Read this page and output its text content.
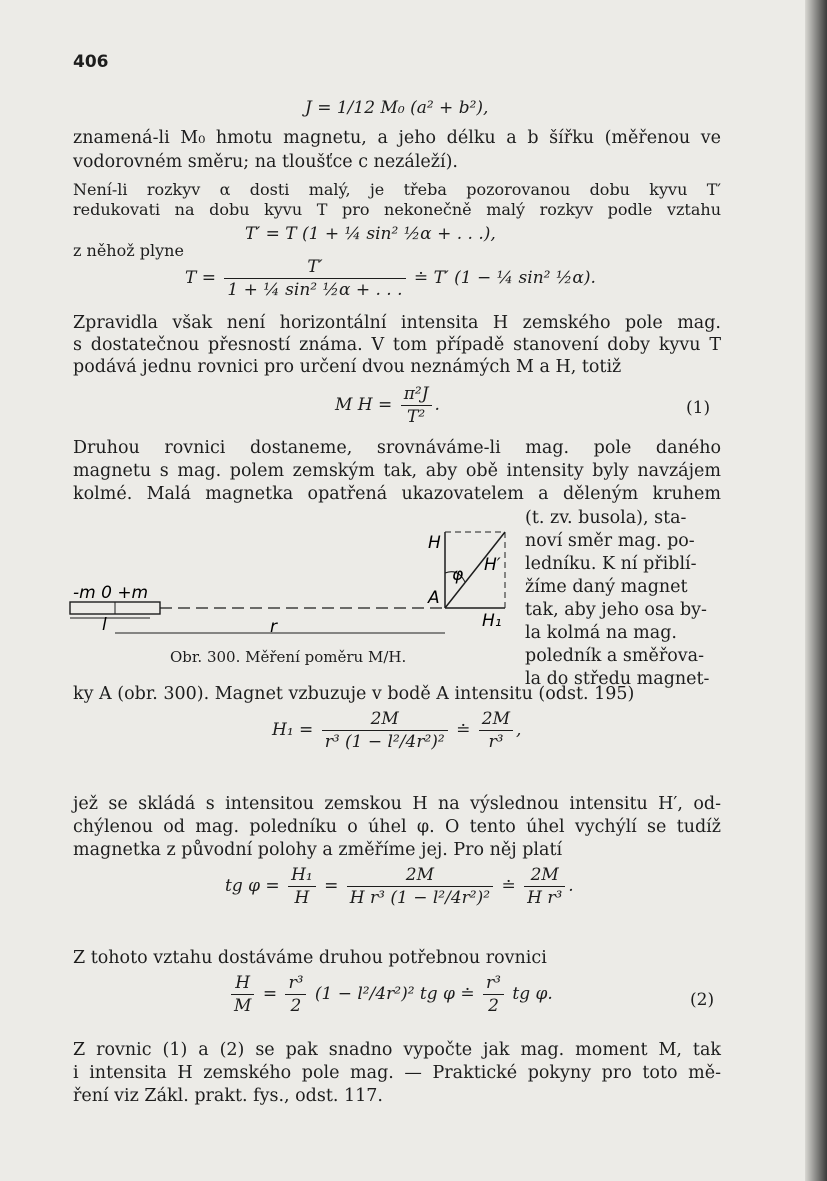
406
J = 1/12 M₀ (a² + b²),
znamená-li M₀ hmotu magnetu, a jeho délku a b šířku (měřenou ve
vodorovném směru; na tloušťce c nezáleží).
Není-li rozkyv α dosti malý, je třeba pozorovanou dobu kyvu T′
redukovati na dobu kyvu T pro nekonečně malý rozkyv podle vztahu
T′ = T (1 + ¼ sin² ½α + . . .),
z něhož plyne
$T = \frac{T'}{\text{1 + ¼ sin² ½α + . . .}}$ ≐ T′ (1 − ¼ sin² ½α).
Zpravidla však není horizontální intensita H zemského pole mag.
s dostatečnou přesností známa. V tom případě stanovení doby kyvu T
podává jednu rovnici pro určení dvou neznámých M a H, totiž
M $H = \frac{\text{π²J}}{\text{T²}}$ .	(1)
Druhou rovnici dostaneme, srovnáváme-li mag. pole daného
magnetu s mag. polem zemským tak, aby obě intensity byly navzájem
kolmé. Malá magnetka opatřená ukazovatelem a děleným kruhem
(t. zv. busola), sta-
noví směr mag. po-
ledníku. K ní přiblí-
žíme daný magnet
tak, aby jeho osa by-
la kolmá na mag.
poledník a směřova-
la do středu magnet-
-m 0 +m
l	r
H
H′
H₁
A
φ
Obr. 300. Měření poměru M/H.
ky A (obr. 300). Magnet vzbuzuje v bodě A intensitu (odst. 195)
$H_1 = \frac{2M}{\text{r³ (1 − l²/4r²)²}}$ ≐ $\frac{2M}{\text{r³}}$ ,
jež se skládá s intensitou zemskou H na výslednou intensitu H′, od-
chýlenou od mag. poledníku o úhel φ. O tento úhel vychýlí se tudíž
magnetka z původní polohy a změříme jej. Pro něj platí
tg $\varphi = \frac{\text{H₁}}{H} = \frac{2M}{\text{H r³ (1 − l²/4r²)²}}$ ≐ $\frac{2M}{\text{H r³}}$ .
Z tohoto vztahu dostáváme druhou potřebnou rovnici
$\frac{H}{M} = \frac{\text{r³}}{2} (1 - l^2/4r^2)^2$ tg φ ≐ $\frac{\text{r³}}{2}$ tg φ.	(2)
Z rovnic (1) a (2) se pak snadno vypočte jak mag. moment M, tak
i intensita H zemského pole mag. — Praktické pokyny pro toto mě-
ření viz Zákl. prakt. fys., odst. 117.
